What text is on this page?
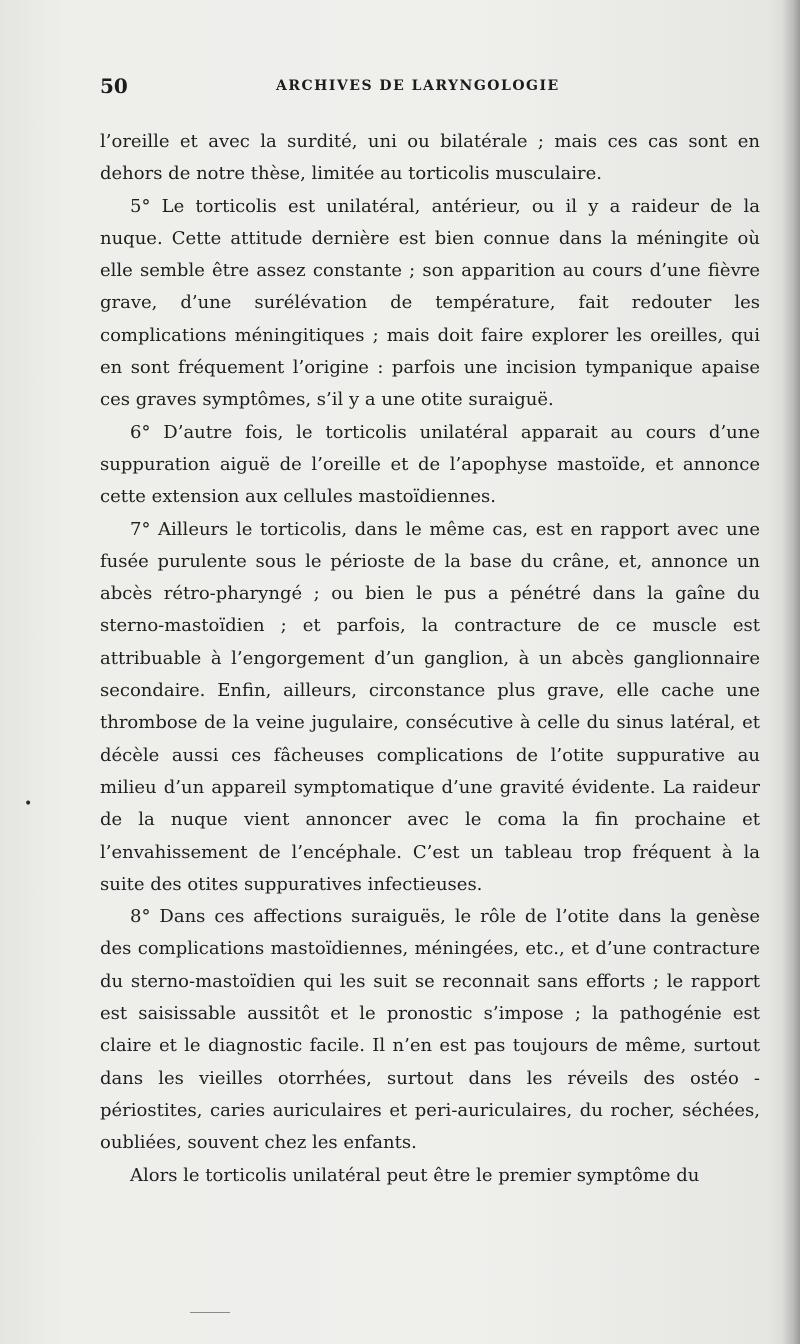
50	ARCHIVES DE LARYNGOLOGIE

l’oreille et avec la surdité, uni ou bilatérale ; mais ces cas sont en dehors de notre thèse, limitée au torticolis musculaire.

5° Le torticolis est unilatéral, antérieur, ou il y a raideur de la nuque. Cette attitude dernière est bien connue dans la méningite où elle semble être assez constante ; son apparition au cours d’une fièvre grave, d’une surélévation de température, fait redouter les complications méningitiques ; mais doit faire explorer les oreilles, qui en sont fréquement l’origine : parfois une incision tympanique apaise ces graves symptômes, s’il y a une otite suraiguë.

6° D’autre fois, le torticolis unilatéral apparait au cours d’une suppuration aiguë de l’oreille et de l’apophyse mastoïde, et annonce cette extension aux cellules mastoïdiennes.

7° Ailleurs le torticolis, dans le même cas, est en rapport avec une fusée purulente sous le périoste de la base du crâne, et, annonce un abcès rétro-pharyngé ; ou bien le pus a pénétré dans la gaîne du sterno-mastoïdien ; et parfois, la contracture de ce muscle est attribuable à l’engorgement d’un ganglion, à un abcès ganglionnaire secondaire. Enfin, ailleurs, circonstance plus grave, elle cache une thrombose de la veine jugulaire, consécutive à celle du sinus latéral, et décèle aussi ces fâcheuses complications de l’otite suppurative au milieu d’un appareil symptomatique d’une gravité évidente. La raideur de la nuque vient annoncer avec le coma la fin prochaine et l’envahissement de l’encéphale. C’est un tableau trop fréquent à la suite des otites suppuratives infectieuses.

8° Dans ces affections suraiguës, le rôle de l’otite dans la genèse des complications mastoïdiennes, méningées, etc., et d’une contracture du sterno-mastoïdien qui les suit se reconnait sans efforts ; le rapport est saisissable aussitôt et le pronostic s’impose ; la pathogénie est claire et le diagnostic facile. Il n’en est pas toujours de même, surtout dans les vieilles otorrhées, surtout dans les réveils des ostéo - périostites, caries auriculaires et peri-auriculaires, du rocher, séchées, oubliées, souvent chez les enfants.

Alors le torticolis unilatéral peut être le premier symptôme du

•
